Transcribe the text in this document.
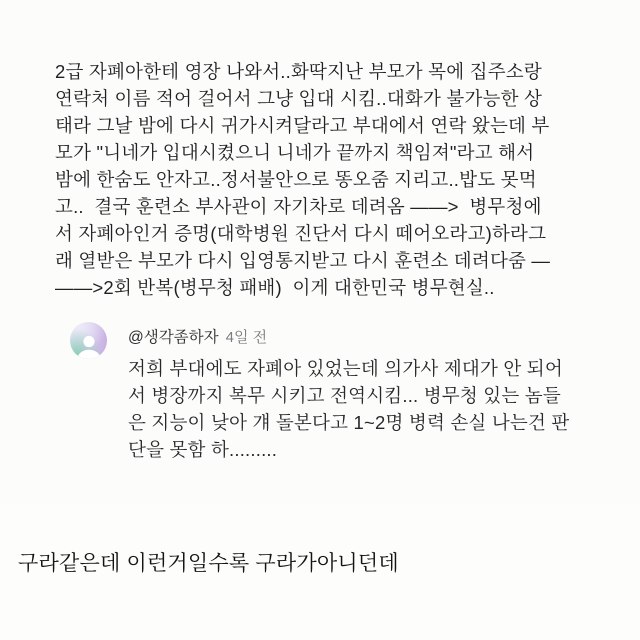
2급 자폐아한테 영장 나와서..화딱지난 부모가 목에 집주소랑
연락처 이름 적어 걸어서 그냥 입대 시킴..대화가 불가능한 상
태라 그날 밤에 다시 귀가시켜달라고 부대에서 연락 왔는데 부
모가 "니네가 입대시켰으니 니네가 끝까지 책임져"라고 해서
밤에 한숨도 안자고..정서불안으로 똥오줌 지리고..밥도 못먹
고..  결국 훈련소 부사관이 자기차로 데려옴 ——>  병무청에
서 자폐아인거 증명(대학병원 진단서 다시 떼어오라고)하라그
래 열받은 부모가 다시 입영통지받고 다시 훈련소 데려다줌 —
——>2회 반복(병무청 패배)  이게 대한민국 병무현실..
@생각좀하자 4일 전
저희 부대에도 자폐아 있었는데 의가사 제대가 안 되어
서 병장까지 복무 시키고 전역시킴... 병무청 있는 놈들
은 지능이 낮아 걔 돌본다고 1~2명 병력 손실 나는건 판
단을 못함 하.........
구라같은데 이런거일수록 구라가아니던데
